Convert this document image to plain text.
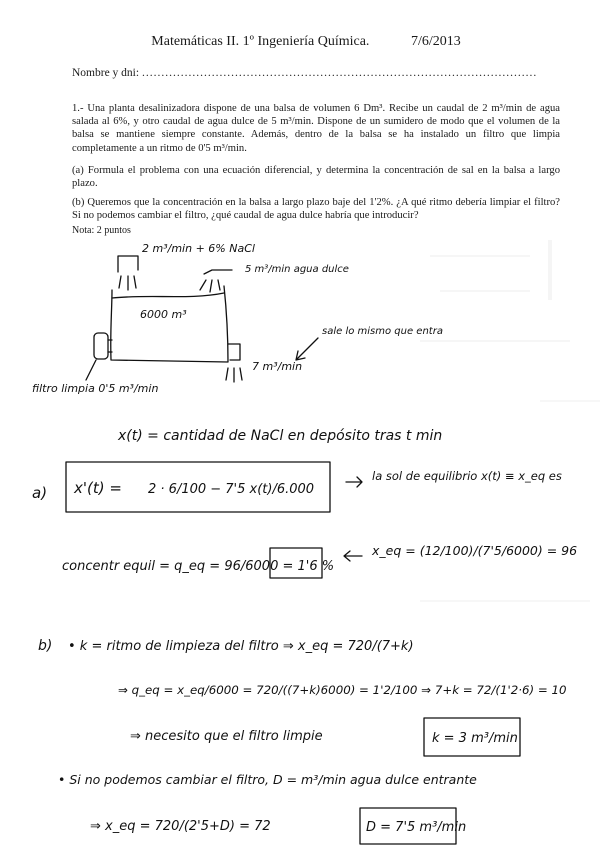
Matemáticas II. 1º Ingeniería Química.	7/6/2013
Nombre y dni: ......................................................................................................
1.- Una planta desalinizadora dispone de una balsa de volumen 6 Dm³. Recibe un caudal de 2 m³/min de agua salada al 6%, y otro caudal de agua dulce de 5 m³/min. Dispone de un sumidero de modo que el volumen de la balsa se mantiene siempre constante. Además, dentro de la balsa se ha instalado un filtro que limpia completamente a un ritmo de 0'5 m³/min.
(a) Formula el problema con una ecuación diferencial, y determina la concentración de sal en la balsa a largo plazo.
(b) Queremos que la concentración en la balsa a largo plazo baje del 1'2%. ¿A qué ritmo debería limpiar el filtro? Si no podemos cambiar el filtro, ¿qué caudal de agua dulce habría que introducir?
Nota: 2 puntos
2 m³/min + 6% NaCl
5 m³/min agua dulce
6000 m³
sale lo mismo que entra
7 m³/min
filtro limpia 0'5 m³/min
x(t) = cantidad de NaCl en depósito tras t min
a) x'(t) = 2 · 6/100 − 7'5 x(t)/6.000
la sol de equilibrio x(t) ≡ x_eq es
x_eq = (12/100)/(7'5/6000) = 96
concentr equil = q_eq = 96/6000 = 1'6 %
b) • k = ritmo de limpieza del filtro ⇒ x_eq = 720/(7+k)
⇒ q_eq = x_eq/6000 = 720/((7+k)6000) = 1'2/100 ⇒ 7+k = 72/(1'2·6) = 10
⇒ necesito que el filtro limpie	k = 3 m³/min
• Si no podemos cambiar el filtro, D = m³/min agua dulce entrante
⇒ x_eq = 720/(2'5+D) = 72	D = 7'5 m³/min
